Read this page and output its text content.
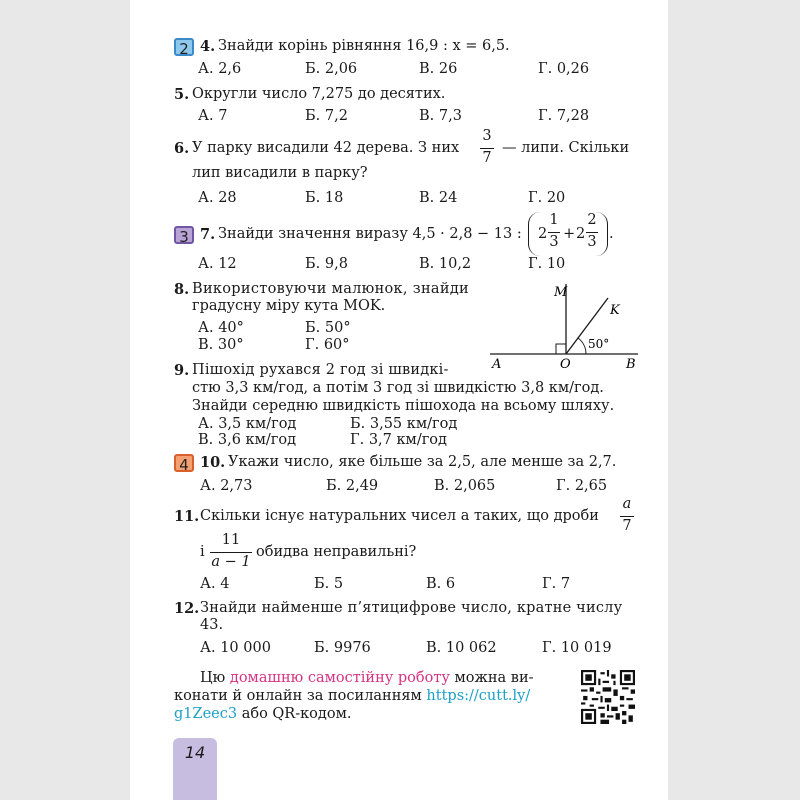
2 4. Знайди корінь рівняння 16,9 : x = 6,5.
А. 2,6	Б. 2,06	В. 26	Г. 0,26
5. Округли число 7,275 до десятих.
А. 7	Б. 7,2	В. 7,3	Г. 7,28
6. У парку висадили 42 дерева. З них
3
7
— липи. Скільки
лип висадили в парку?
А. 28	Б. 18	В. 24	Г. 20
3 7. Знайди значення виразу 4,5 · 2,8 − 13 : 2
1
3 + 2
2
3 .
А. 12	Б. 9,8	В. 10,2	Г. 10
8. Використовуючи малюнок, знайди
градусну міру кута MOK.
А. 40°	Б. 50°
В. 30°	Г. 60°
M
K
A	O	B
50°
9. Пішохід рухався 2 год зі швидкі-
стю 3,3 км/год, а потім 3 год зі швидкістю 3,8 км/год.
Знайди середню швидкість пішохода на всьому шляху.
А. 3,5 км/год	Б. 3,55 км/год
В. 3,6 км/год	Г. 3,7 км/год
4 10. Укажи число, яке більше за 2,5, але менше за 2,7.
А. 2,73	Б. 2,49	В. 2,065	Г. 2,65
11. Скільки існує натуральних чисел a таких, що дроби
a
7
і
11
a − 1
обидва неправильні?
А. 4	Б. 5	В. 6	Г. 7
12. Знайди найменше п’ятицифрове число, кратне числу
43.
А. 10 000	Б. 9976	В. 10 062	Г. 10 019
Цю домашню самостійну роботу можна ви-
конати й онлайн за посиланням https://cutt.ly/
g1Zeec3 або QR-кодом.
14
